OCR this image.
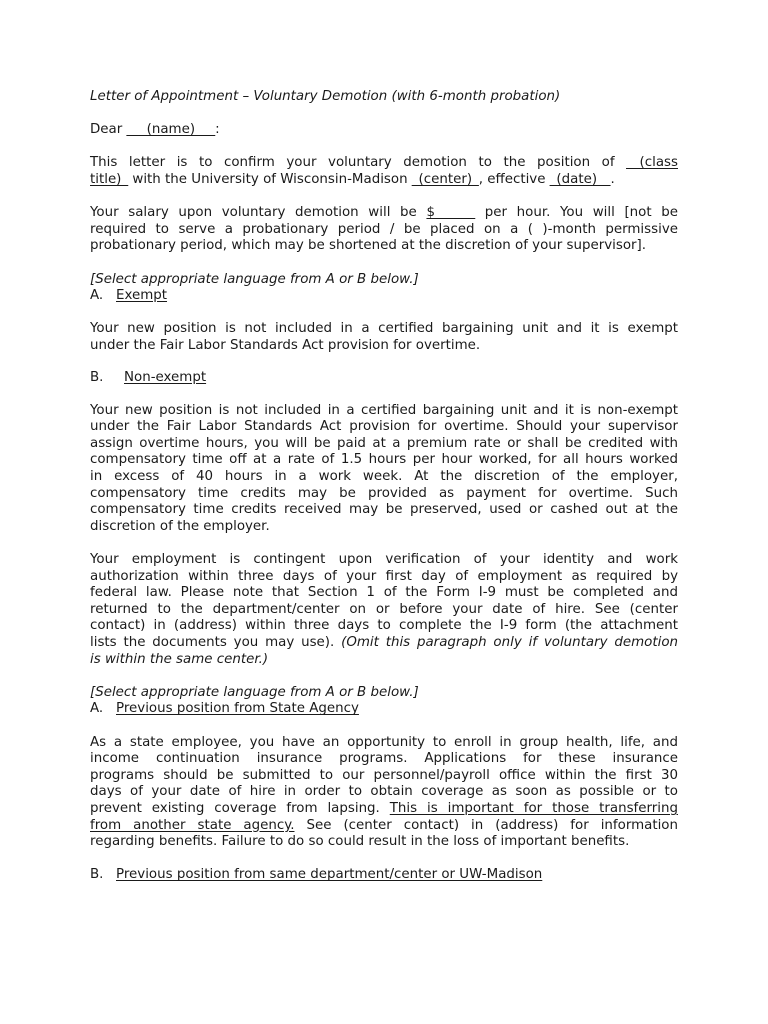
Letter of Appointment – Voluntary Demotion (with 6-month probation)
Dear ___(name)___:
This letter is to confirm your voluntary demotion to the position of __(class
title)_ with the University of Wisconsin-Madison _(center)_, effective _(date)__.
Your salary upon voluntary demotion will be $______ per hour. You will [not be
required to serve a probationary period / be placed on a ( )-month permissive
probationary period, which may be shortened at the discretion of your supervisor].
[Select appropriate language from A or B below.]
A. Exempt
Your new position is not included in a certified bargaining unit and it is exempt
under the Fair Labor Standards Act provision for overtime.
B. Non-exempt
Your new position is not included in a certified bargaining unit and it is non-exempt
under the Fair Labor Standards Act provision for overtime. Should your supervisor
assign overtime hours, you will be paid at a premium rate or shall be credited with
compensatory time off at a rate of 1.5 hours per hour worked, for all hours worked
in excess of 40 hours in a work week. At the discretion of the employer,
compensatory time credits may be provided as payment for overtime. Such
compensatory time credits received may be preserved, used or cashed out at the
discretion of the employer.
Your employment is contingent upon verification of your identity and work
authorization within three days of your first day of employment as required by
federal law. Please note that Section 1 of the Form I-9 must be completed and
returned to the department/center on or before your date of hire. See (center
contact) in (address) within three days to complete the I-9 form (the attachment
lists the documents you may use). (Omit this paragraph only if voluntary demotion
is within the same center.)
[Select appropriate language from A or B below.]
A. Previous position from State Agency
As a state employee, you have an opportunity to enroll in group health, life, and
income continuation insurance programs. Applications for these insurance
programs should be submitted to our personnel/payroll office within the first 30
days of your date of hire in order to obtain coverage as soon as possible or to
prevent existing coverage from lapsing. This is important for those transferring
from another state agency. See (center contact) in (address) for information
regarding benefits. Failure to do so could result in the loss of important benefits.
B. Previous position from same department/center or UW-Madison
